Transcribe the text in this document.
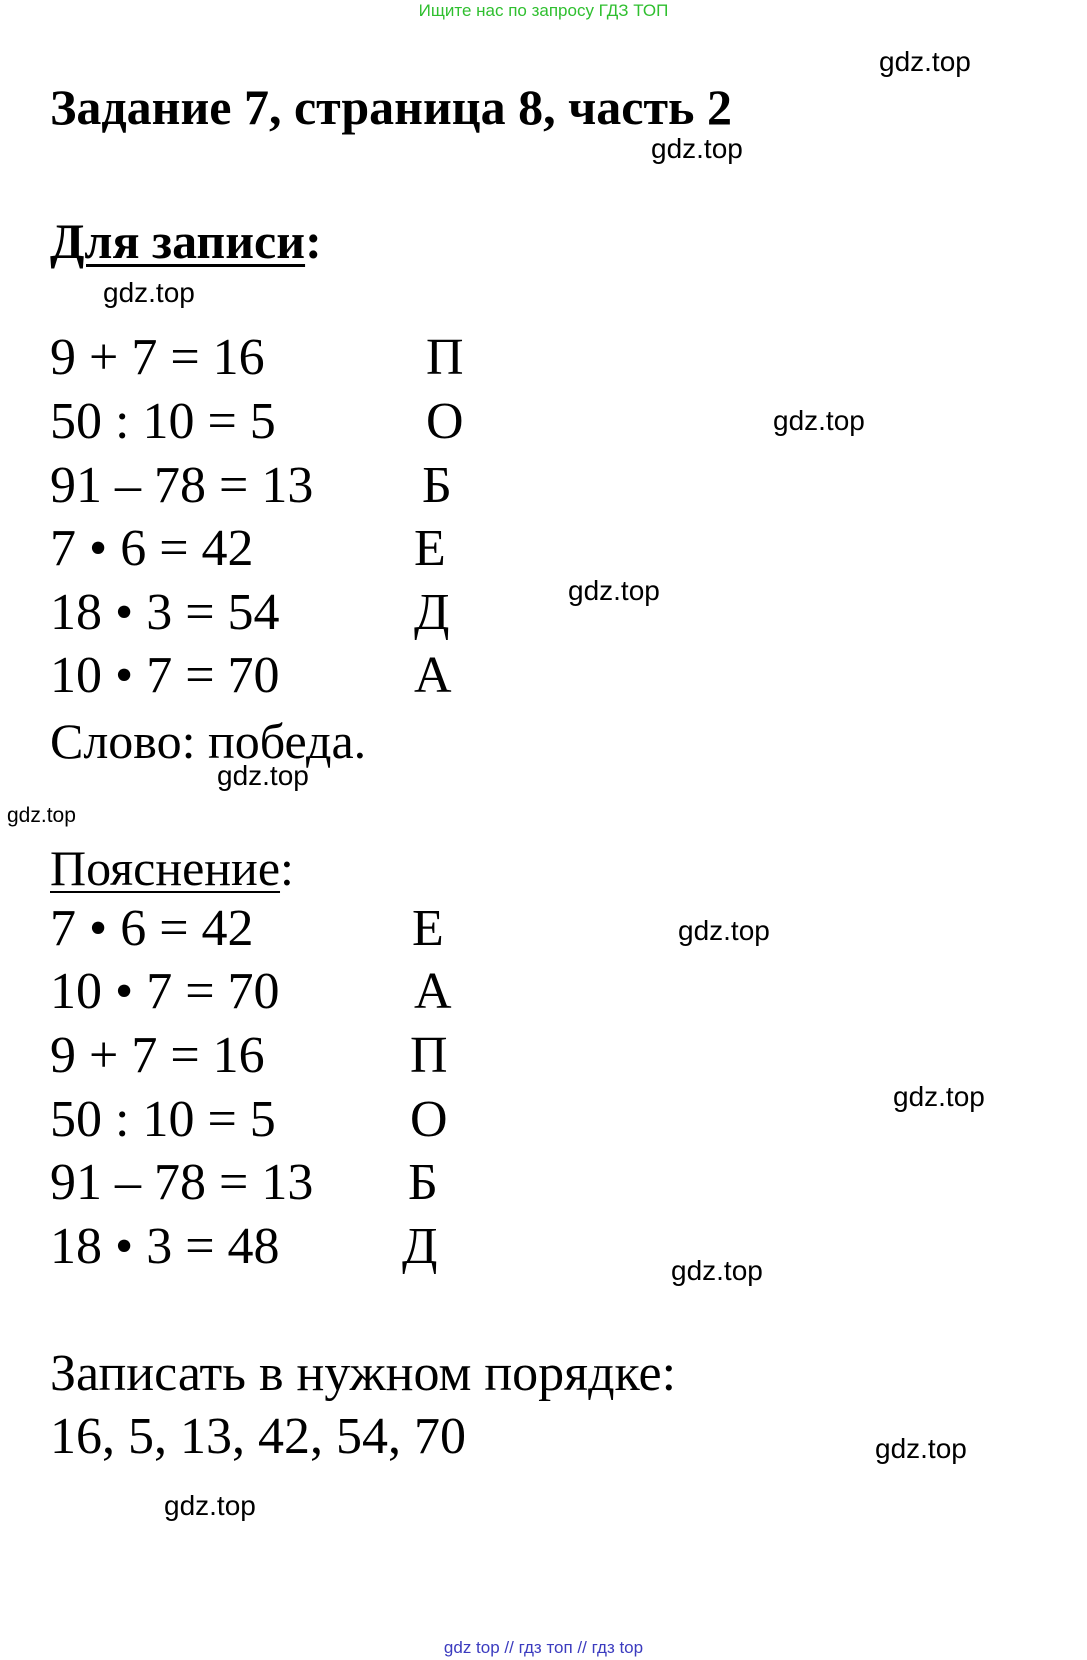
Ищите нас по запросу ГДЗ ТОП
Задание 7, страница 8, часть 2
Для записи:
9 + 7 = 16	П
50 : 10 = 5	О
91 – 78 = 13 Б
7 • 6 = 42	Е
18 • 3 = 54	Д
10 • 7 = 70	А
Слово: победа.
Пояснение:
7 • 6 = 42	Е
10 • 7 = 70	А
9 + 7 = 16	П
50 : 10 = 5	О
91 – 78 = 13 Б
18 • 3 = 48 Д
Записать в нужном порядке:
16, 5, 13, 42, 54, 70
gdz.top
gdz.top
gdz.top
gdz.top
gdz.top
gdz.top
gdz.top
gdz.top
gdz.top
gdz.top
gdz.top
gdz.top
gdz top // гдз топ // гдз top
